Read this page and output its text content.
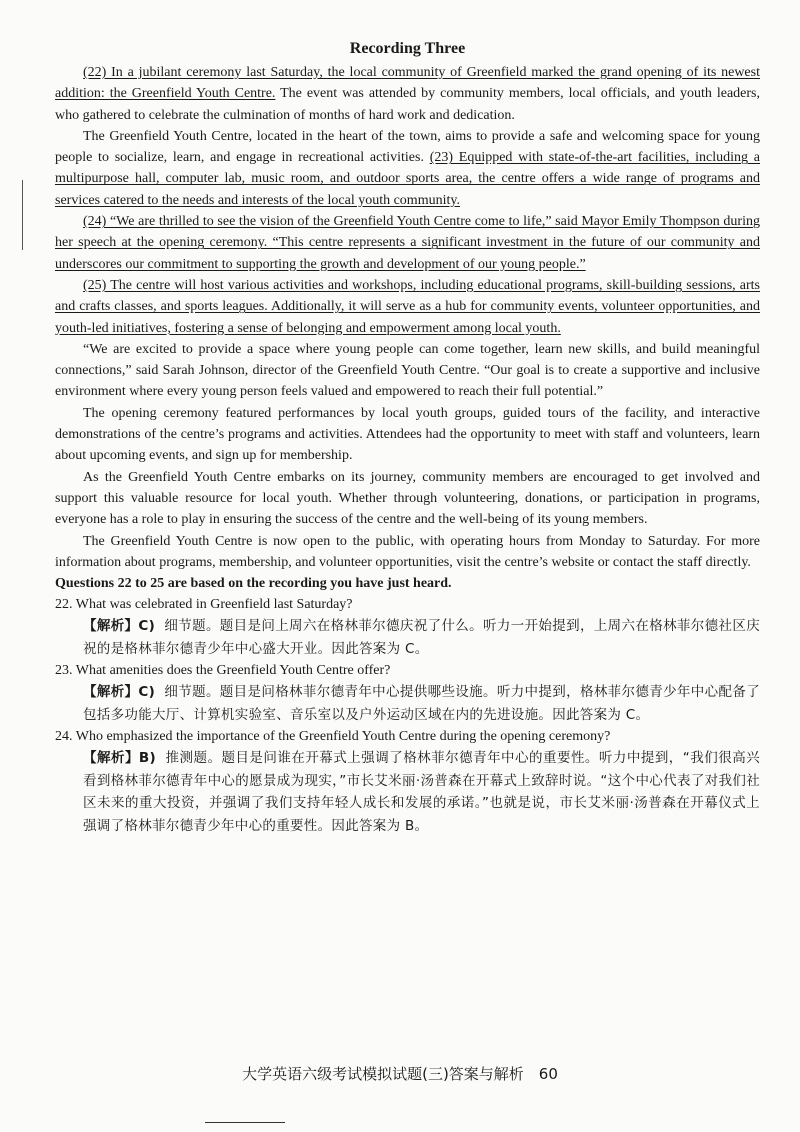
Recording Three

(22) In a jubilant ceremony last Saturday, the local community of Greenfield marked the grand opening of its newest addition: the Greenfield Youth Centre. The event was attended by community members, local officials, and youth leaders, who gathered to celebrate the culmination of months of hard work and dedication.

The Greenfield Youth Centre, located in the heart of the town, aims to provide a safe and welcoming space for young people to socialize, learn, and engage in recreational activities. (23) Equipped with state-of-the-art facilities, including a multipurpose hall, computer lab, music room, and outdoor sports area, the centre offers a wide range of programs and services catered to the needs and interests of the local youth community.

(24) “We are thrilled to see the vision of the Greenfield Youth Centre come to life,” said Mayor Emily Thompson during her speech at the opening ceremony. “This centre represents a significant investment in the future of our community and underscores our commitment to supporting the growth and development of our young people.”

(25) The centre will host various activities and workshops, including educational programs, skill-building sessions, arts and crafts classes, and sports leagues. Additionally, it will serve as a hub for community events, volunteer opportunities, and youth-led initiatives, fostering a sense of belonging and empowerment among local youth.

“We are excited to provide a space where young people can come together, learn new skills, and build meaningful connections,” said Sarah Johnson, director of the Greenfield Youth Centre. “Our goal is to create a supportive and inclusive environment where every young person feels valued and empowered to reach their full potential.”

The opening ceremony featured performances by local youth groups, guided tours of the facility, and interactive demonstrations of the centre’s programs and activities. Attendees had the opportunity to meet with staff and volunteers, learn about upcoming events, and sign up for membership.

As the Greenfield Youth Centre embarks on its journey, community members are encouraged to get involved and support this valuable resource for local youth. Whether through volunteering, donations, or participation in programs, everyone has a role to play in ensuring the success of the centre and the well-being of its young members.

The Greenfield Youth Centre is now open to the public, with operating hours from Monday to Saturday. For more information about programs, membership, and volunteer opportunities, visit the centre’s website or contact the staff directly.

Questions 22 to 25 are based on the recording you have just heard.
22. What was celebrated in Greenfield last Saturday?
【解析】C) 细节题。题目是问上周六在格林菲尔德庆祝了什么。听力一开始提到，上周六在格林菲尔德社区庆祝的是格林菲尔德青少年中心盛大开业。因此答案为 C。
23. What amenities does the Greenfield Youth Centre offer?
【解析】C) 细节题。题目是问格林菲尔德青年中心提供哪些设施。听力中提到，格林菲尔德青少年中心配备了包括多功能大厅、计算机实验室、音乐室以及户外运动区域在内的先进设施。因此答案为 C。
24. Who emphasized the importance of the Greenfield Youth Centre during the opening ceremony?
【解析】B) 推测题。题目是问谁在开幕式上强调了格林菲尔德青年中心的重要性。听力中提到，“我们很高兴看到格林菲尔德青年中心的愿景成为现实，”市长艾米丽·汤普森在开幕式上致辞时说。“这个中心代表了对我们社区未来的重大投资，并强调了我们支持年轻人成长和发展的承诺。”也就是说，市长艾米丽·汤普森在开幕仪式上强调了格林菲尔德青少年中心的重要性。因此答案为 B。
大学英语六级考试模拟试题(三)答案与解析　60
